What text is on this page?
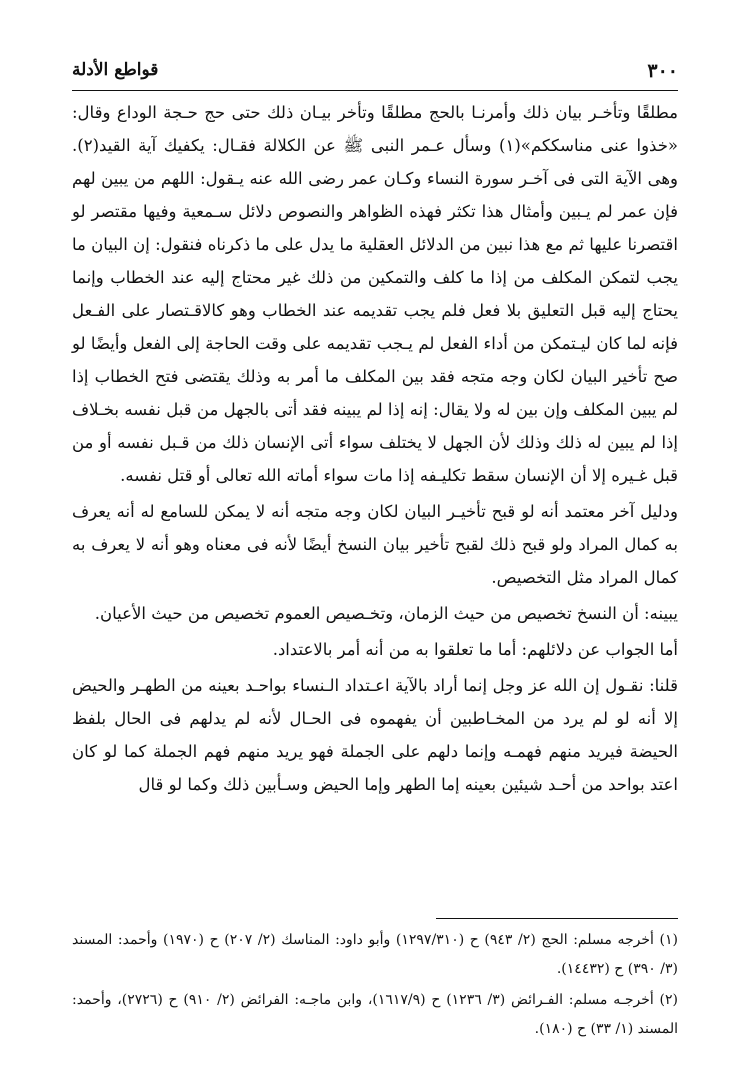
٣٠٠
قواطع الأدلة

مطلقًا وتأخـر بيان ذلك وأمرنـا بالحج مطلقًا وتأخر بيـان ذلك حتى حج حـجة الوداع وقال: «خذوا عنى مناسككم»(١) وسأل عـمر النبى ﷺ عن الكلالة فقـال: يكفيك آية القيد(٢). وهى الآية التى فى آخـر سورة النساء وكـان عمر رضى الله عنه يـقول: اللهم من يبين لهم فإن عمر لم يـبين وأمثال هذا تكثر فهذه الظواهر والنصوص دلائل سـمعية وفيها مقتصر لو اقتصرنا عليها ثم مع هذا نبين من الدلائل العقلية ما يدل على ما ذكرناه فنقول: إن البيان ما يجب لتمكن المكلف من إذا ما كلف والتمكين من ذلك غير محتاج إليه عند الخطاب وإنما يحتاج إليه قبل التعليق بلا فعل فلم يجب تقديمه عند الخطاب وهو كالاقـتصار على الفـعل فإنه لما كان ليـتمكن من أداء الفعل لم يـجب تقديمه على وقت الحاجة إلى الفعل وأيضًا لو صح تأخير البيان لكان وجه متجه فقد بين المكلف ما أمر به وذلك يقتضى فتح الخطاب إذا لم يبين المكلف وإن بين له ولا يقال: إنه إذا لم يبينه فقد أتى بالجهل من قبل نفسه بخـلاف إذا لم يبين له ذلك وذلك لأن الجهل لا يختلف سواء أتى الإنسان ذلك من قـبل نفسه أو من قبل غـيره إلا أن الإنسان سقط تكليـفه إذا مات سواء أماته الله تعالى أو قتل نفسه.

ودليل آخر معتمد أنه لو قبح تأخيـر البيان لكان وجه متجه أنه لا يمكن للسامع له أنه يعرف به كمال المراد ولو قبح ذلك لقبح تأخير بيان النسخ أيضًا لأنه فى معناه وهو أنه لا يعرف به كمال المراد مثل التخصيص.

يبينه: أن النسخ تخصيص من حيث الزمان، وتخـصيص العموم تخصيص من حيث الأعيان.

أما الجواب عن دلائلهم: أما ما تعلقوا به من أنه أمر بالاعتداد.

قلنا: نقـول إن الله عز وجل إنما أراد بالآية اعـتداد الـنساء بواحـد بعينه من الطهـر والحيض إلا أنه لو لم يرد من المخـاطبين أن يفهموه فى الحـال لأنه لم يدلهم فى الحال بلفظ الحيضة فيريد منهم فهمـه وإنما دلهم على الجملة فهو يريد منهم فهم الجملة كما لو كان اعتد بواحد من أحـد شيئين بعينه إما الطهر وإما الحيض وسـأبين ذلك وكما لو قال

(١) أخرجه مسلم: الحج (٢/ ٩٤٣) ح (١٢٩٧/٣١٠) وأبو داود: المناسك (٢/ ٢٠٧) ح (١٩٧٠) وأحمد: المسند (٣/ ٣٩٠) ح (١٤٤٣٢).

(٢) أخرجـه مسلم: الفـرائض (٣/ ١٢٣٦) ح (١٦١٧/٩)، وابن ماجـه: الفرائض (٢/ ٩١٠) ح (٢٧٢٦)، وأحمد: المسند (١/ ٣٣) ح (١٨٠).
